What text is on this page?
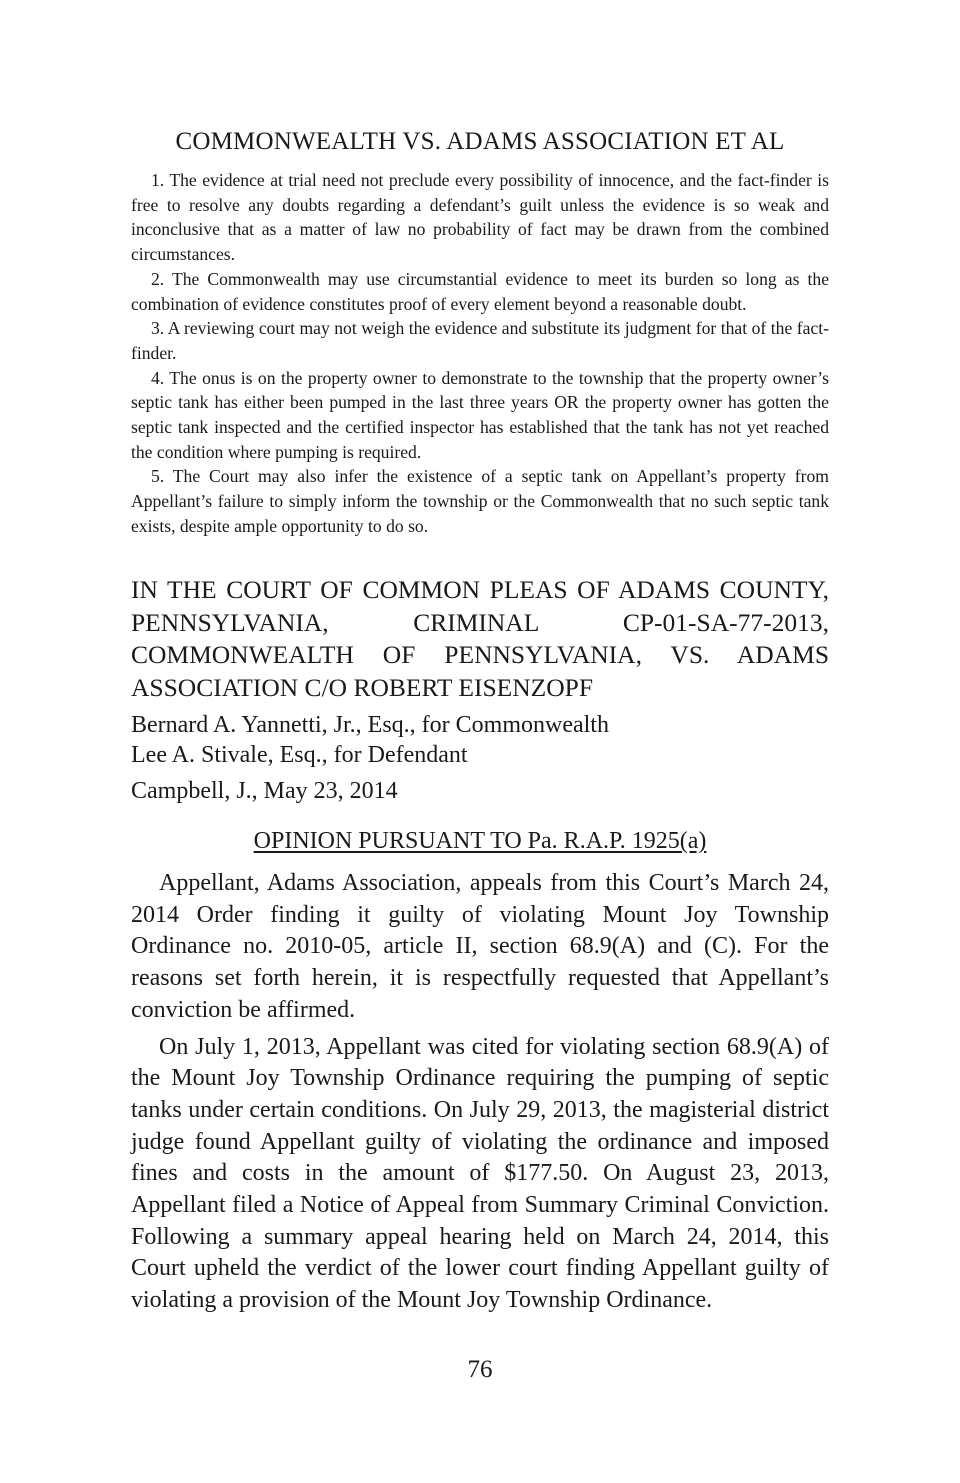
COMMONWEALTH VS. ADAMS ASSOCIATION ET AL

1. The evidence at trial need not preclude every possibility of innocence, and the fact-finder is free to resolve any doubts regarding a defendant’s guilt unless the evidence is so weak and inconclusive that as a matter of law no probability of fact may be drawn from the combined circumstances.

2. The Commonwealth may use circumstantial evidence to meet its burden so long as the combination of evidence constitutes proof of every element beyond a reasonable doubt.

3. A reviewing court may not weigh the evidence and substitute its judgment for that of the fact-finder.

4. The onus is on the property owner to demonstrate to the township that the property owner’s septic tank has either been pumped in the last three years OR the property owner has gotten the septic tank inspected and the certified inspector has established that the tank has not yet reached the condition where pumping is required.

5. The Court may also infer the existence of a septic tank on Appellant’s property from Appellant’s failure to simply inform the township or the Commonwealth that no such septic tank exists, despite ample opportunity to do so.

IN THE COURT OF COMMON PLEAS OF ADAMS COUNTY, PENNSYLVANIA, CRIMINAL CP-01-SA-77-2013, COMMONWEALTH OF PENNSYLVANIA, VS. ADAMS ASSOCIATION C/O ROBERT EISENZOPF

Bernard A. Yannetti, Jr., Esq., for Commonwealth
Lee A. Stivale, Esq., for Defendant
Campbell, J., May 23, 2014
OPINION PURSUANT TO Pa. R.A.P. 1925(a)

Appellant, Adams Association, appeals from this Court’s March 24, 2014 Order finding it guilty of violating Mount Joy Township Ordinance no. 2010-05, article II, section 68.9(A) and (C). For the reasons set forth herein, it is respectfully requested that Appellant’s conviction be affirmed.

On July 1, 2013, Appellant was cited for violating section 68.9(A) of the Mount Joy Township Ordinance requiring the pumping of septic tanks under certain conditions. On July 29, 2013, the magisterial district judge found Appellant guilty of violating the ordinance and imposed fines and costs in the amount of $177.50. On August 23, 2013, Appellant filed a Notice of Appeal from Summary Criminal Conviction. Following a summary appeal hearing held on March 24, 2014, this Court upheld the verdict of the lower court finding Appellant guilty of violating a provision of the Mount Joy Township Ordinance.

76
